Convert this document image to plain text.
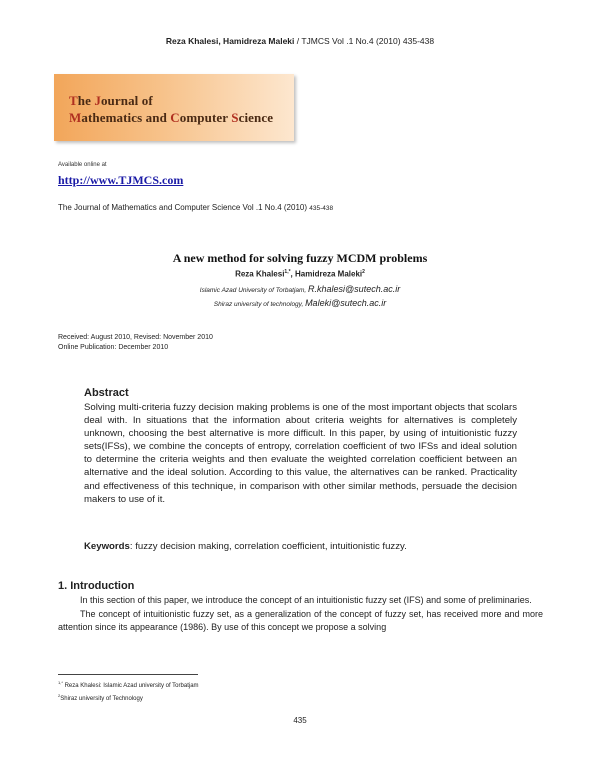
Reza Khalesi, Hamidreza Maleki / TJMCS Vol .1 No.4 (2010) 435-438
The Journal of
Mathematics and Computer Science
Available online at
http://www.TJMCS.com
The Journal of Mathematics and Computer Science Vol .1 No.4 (2010) 435-438
A new method for solving fuzzy MCDM problems
Reza Khalesi$^{1,*}$, Hamidreza Maleki$^2$
Islamic Azad University of Torbatjam, R.khalesi@sutech.ac.ir
Shiraz university of technology, Maleki@sutech.ac.ir
Received: August 2010, Revised: November 2010
Online Publication: December 2010
Abstract
Solving multi-criteria fuzzy decision making problems is one of the most important objects that scolars deal with. In situations that the information about criteria weights for alternatives is completely unknown, choosing the best alternative is more difficult. In this paper, by using of intuitionistic fuzzy sets(IFSs), we combine the concepts of entropy, correlation coefficient of two IFSs and ideal solution to determine the criteria weights and then evaluate the weighted correlation coefficient between an alternative and the ideal solution. According to this value, the alternatives can be ranked. Practicality and effectiveness of this technique, in comparison with other similar methods, persuade the decision makers to use of it.
Keywords: fuzzy decision making, correlation coefficient, intuitionistic fuzzy.
1. Introduction

In this section of this paper, we introduce the concept of an intuitionistic fuzzy set (IFS) and some of preliminaries.

The concept of intuitionistic fuzzy set, as a generalization of the concept of fuzzy set, has received more and more attention since its appearance (1986). By use of this concept we propose a solving

$^{1,*}$ Reza Khalesi: Islamic Azad university of Torbatjam
$^2$Shiraz university of Technology
435
